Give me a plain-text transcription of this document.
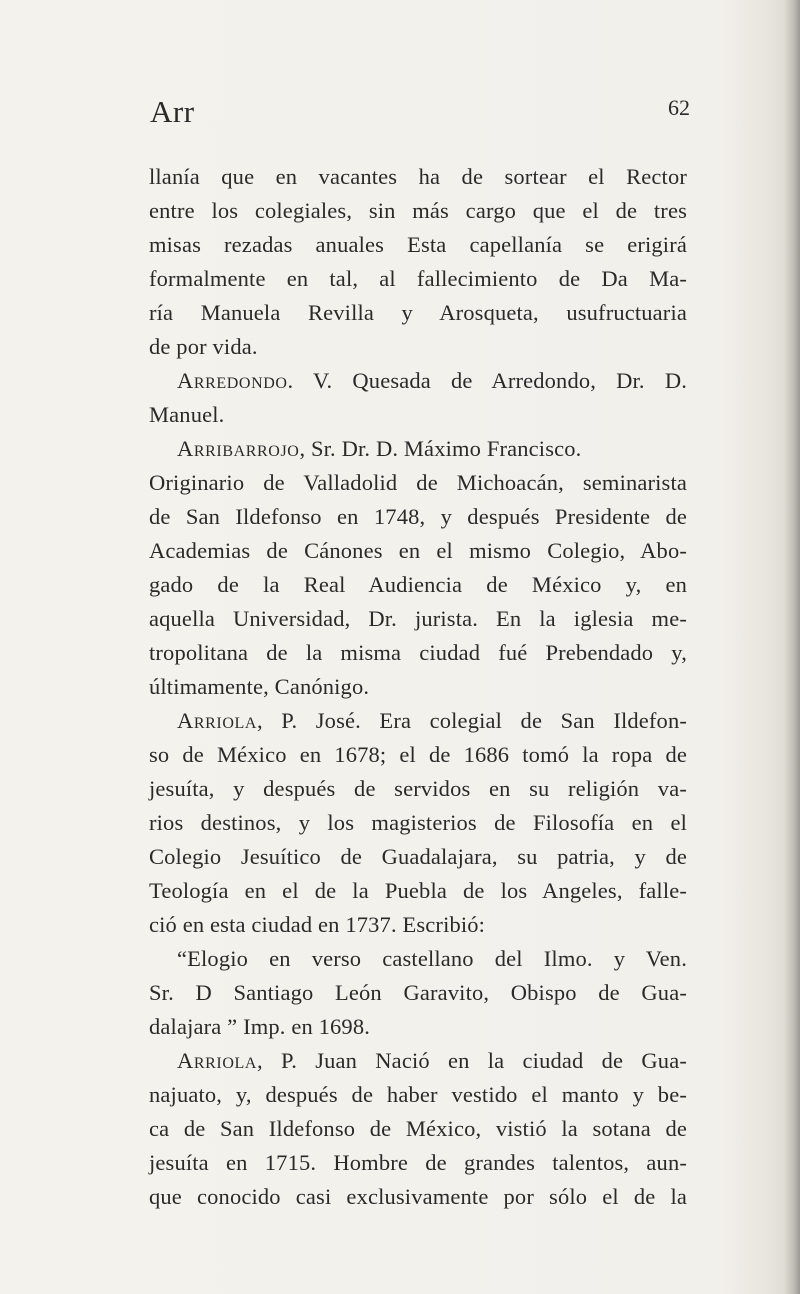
Arr	62
llanía que en vacantes ha de sortear el Rector
entre los colegiales, sin más cargo que el de tres
misas rezadas anuales Esta capellanía se erigirá
formalmente en tal, al fallecimiento de Da Ma-
ría Manuela Revilla y Arosqueta, usufructuaria
de por vida.
Arredondo. V. Quesada de Arredondo, Dr. D.
Manuel.
Arribarrojo, Sr. Dr. D. Máximo Francisco.
Originario de Valladolid de Michoacán, seminarista
de San Ildefonso en 1748, y después Presidente de
Academias de Cánones en el mismo Colegio, Abo-
gado de la Real Audiencia de México y, en
aquella Universidad, Dr. jurista. En la iglesia me-
tropolitana de la misma ciudad fué Prebendado y,
últimamente, Canónigo.
Arriola, P. José. Era colegial de San Ildefon-
so de México en 1678; el de 1686 tomó la ropa de
jesuíta, y después de servidos en su religión va-
rios destinos, y los magisterios de Filosofía en el
Colegio Jesuítico de Guadalajara, su patria, y de
Teología en el de la Puebla de los Angeles, falle-
ció en esta ciudad en 1737. Escribió:
“Elogio en verso castellano del Ilmo. y Ven.
Sr. D Santiago León Garavito, Obispo de Gua-
dalajara ” Imp. en 1698.
Arriola, P. Juan Nació en la ciudad de Gua-
najuato, y, después de haber vestido el manto y be-
ca de San Ildefonso de México, vistió la sotana de
jesuíta en 1715. Hombre de grandes talentos, aun-
que conocido casi exclusivamente por sólo el de la
